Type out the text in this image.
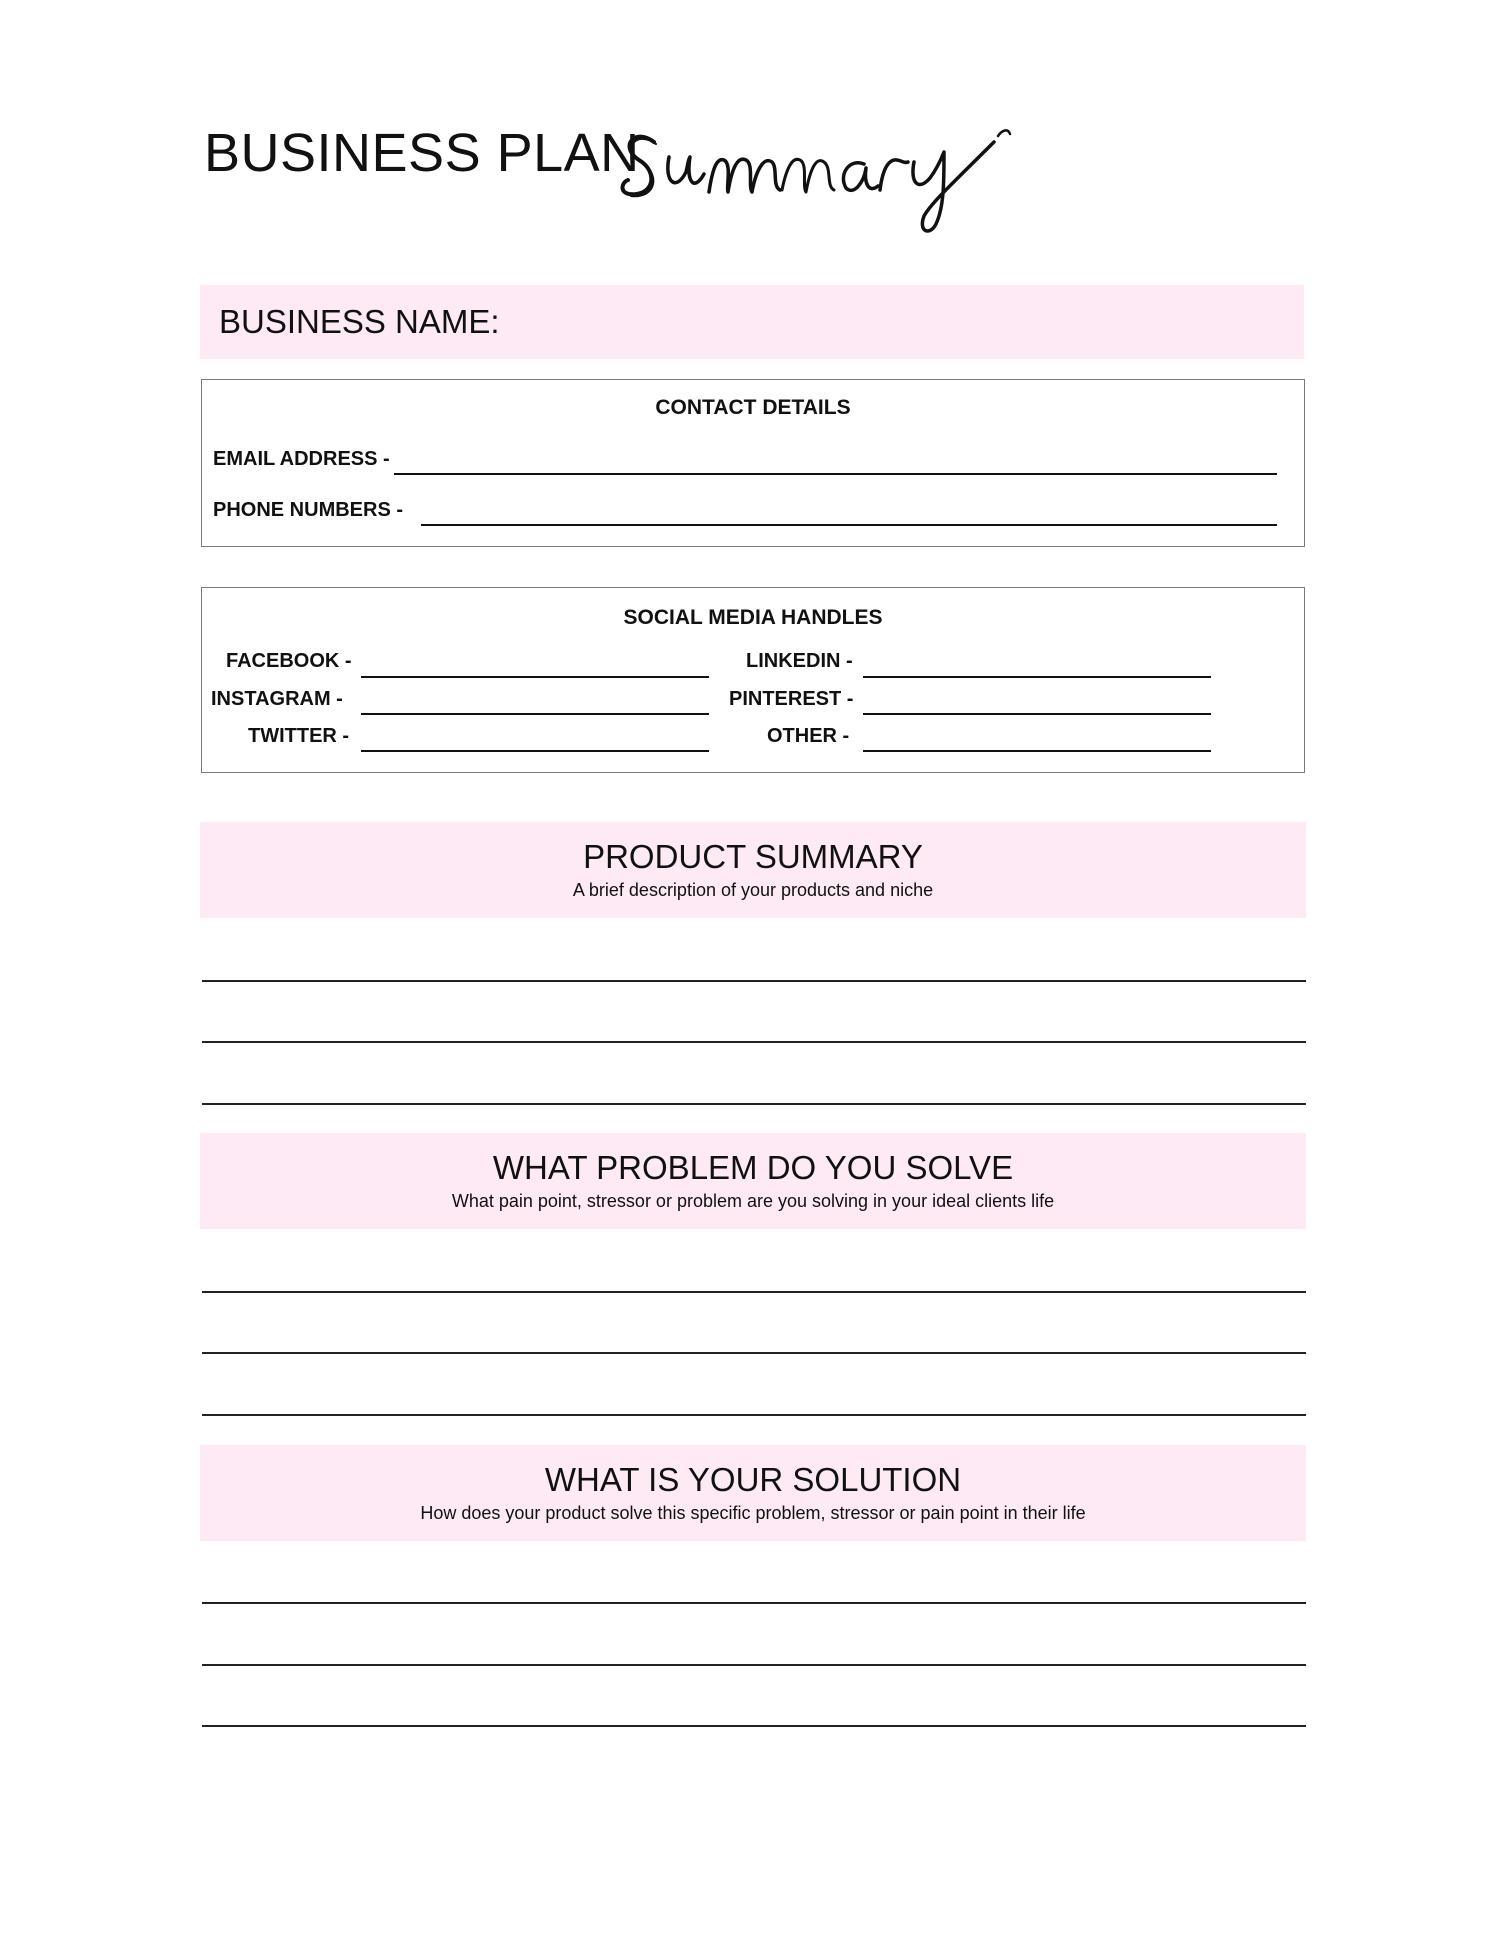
BUSINESS PLAN
BUSINESS NAME:
CONTACT DETAILS
EMAIL ADDRESS -
PHONE NUMBERS -
SOCIAL MEDIA HANDLES
FACEBOOK -
INSTAGRAM -
TWITTER -
LINKEDIN -
PINTEREST -
OTHER -
PRODUCT SUMMARY
A brief description of your products and niche
WHAT PROBLEM DO YOU SOLVE
What pain point, stressor or problem are you solving in your ideal clients life
WHAT IS YOUR SOLUTION
How does your product solve this specific problem, stressor or pain point in their life
